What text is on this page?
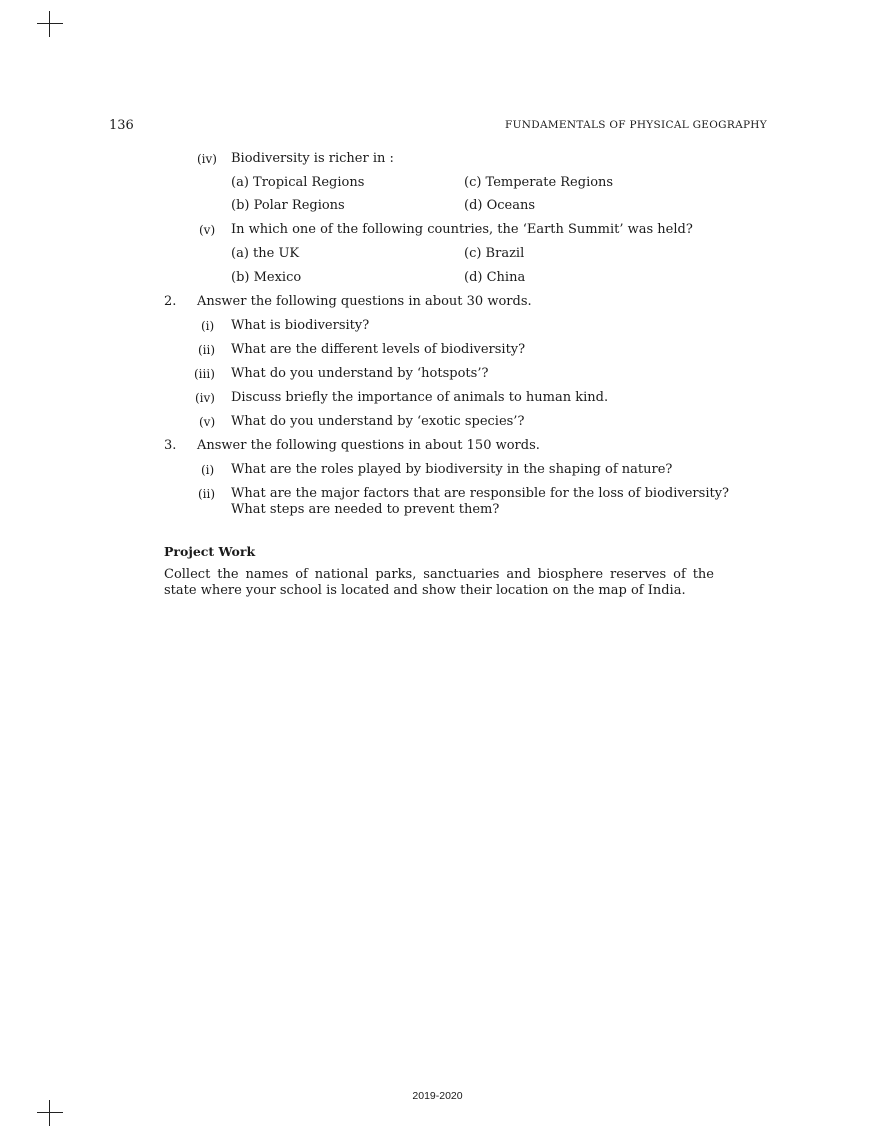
136	FUNDAMENTALS OF PHYSICAL GEOGRAPHY
(iv) Biodiversity is richer in :
(a) Tropical Regions	(c) Temperate Regions
(b) Polar Regions	(d) Oceans
(v) In which one of the following countries, the ‘Earth Summit’ was held?
(a) the UK	(c) Brazil
(b) Mexico	(d) China
2. Answer the following questions in about 30 words.
(i) What is biodiversity?
(ii) What are the different levels of biodiversity?
(iii) What do you understand by ‘hotspots’?
(iv) Discuss briefly the importance of animals to human kind.
(v) What do you understand by ‘exotic species’?
3. Answer the following questions in about 150 words.
(i) What are the roles played by biodiversity in the shaping of nature?
(ii) What are the major factors that are responsible for the loss of biodiversity?
What steps are needed to prevent them?
Project Work
Collect the names of national parks, sanctuaries and biosphere reserves of the state where your school is located and show their location on the map of India.
2019-2020
